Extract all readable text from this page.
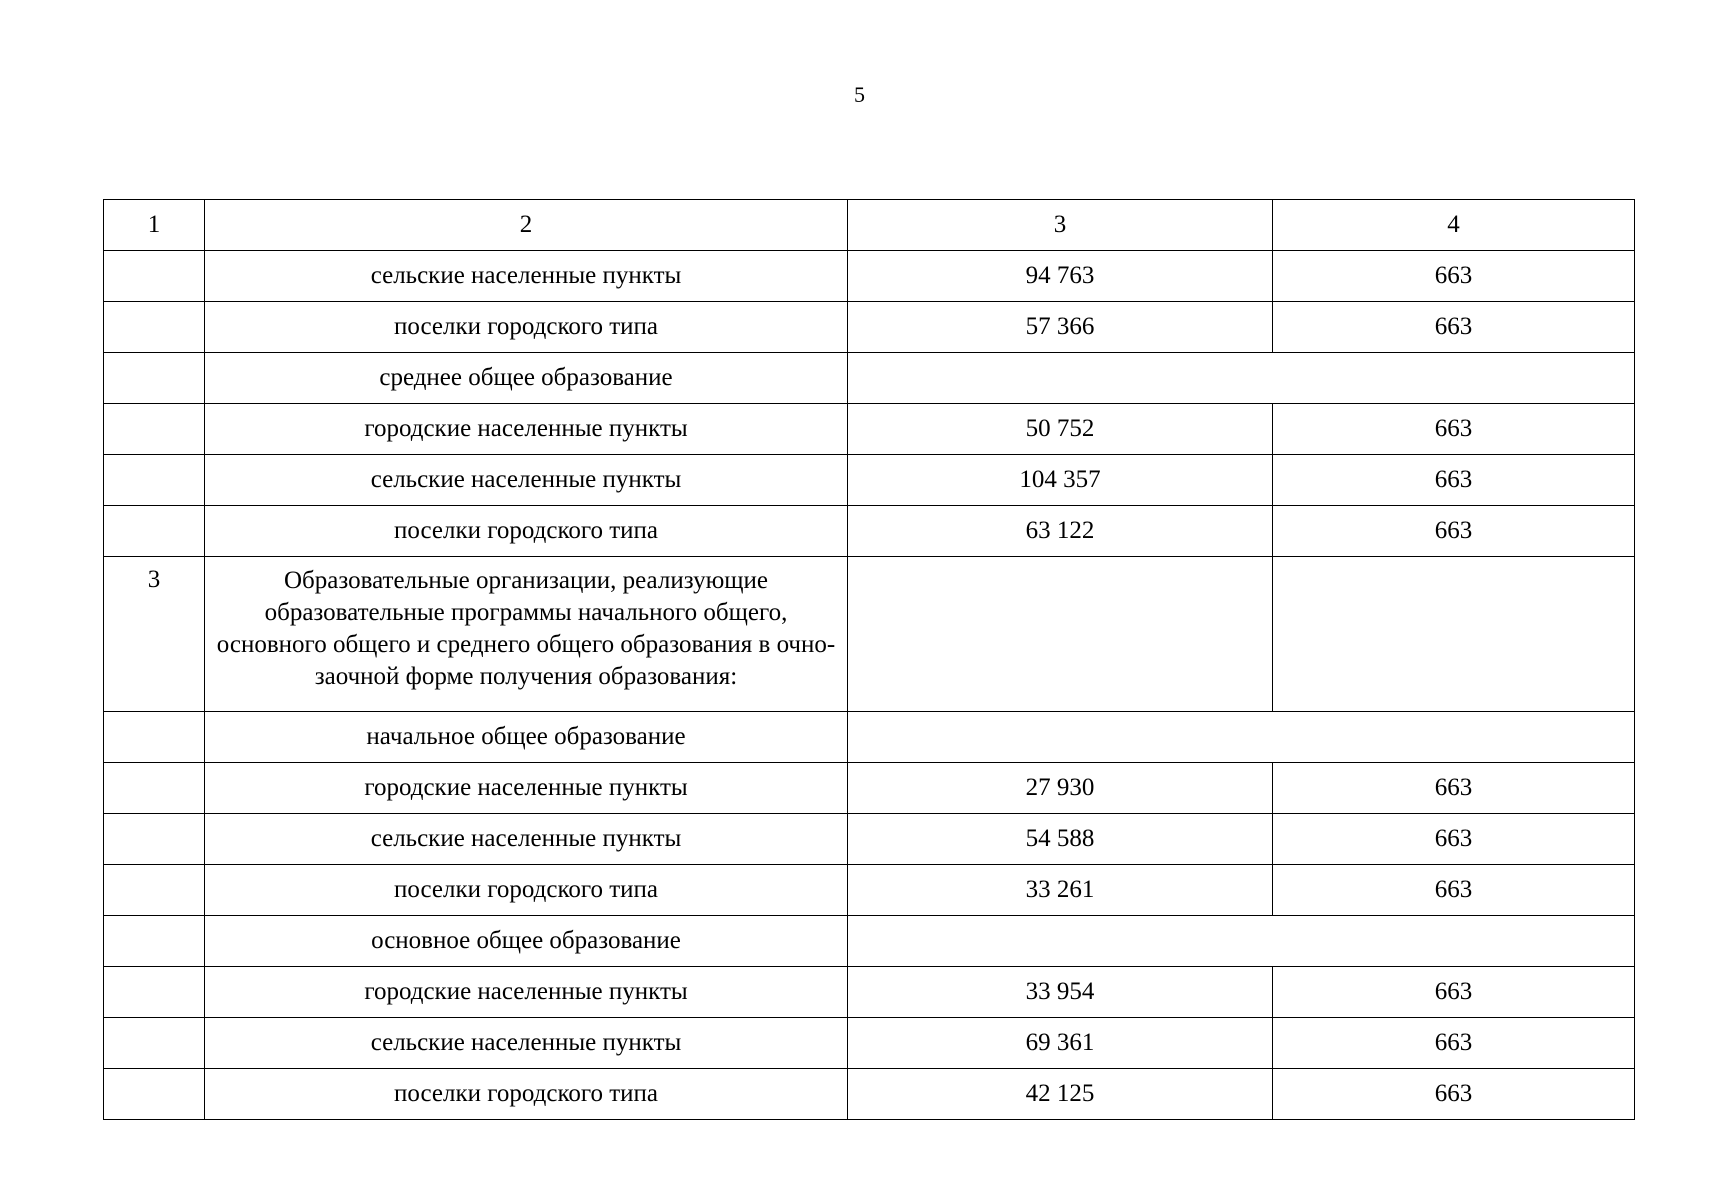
5
1	2	3	4
	сельские населенные пункты	94 763	663
	поселки городского типа	57 366	663
	среднее общее образование		
	городские населенные пункты	50 752	663
	сельские населенные пункты	104 357	663
	поселки городского типа	63 122	663
3	Образовательные организации, реализующие образовательные программы начального общего, основного общего и среднего общего образования в очно-заочной форме получения образования:		
	начальное общее образование		
	городские населенные пункты	27 930	663
	сельские населенные пункты	54 588	663
	поселки городского типа	33 261	663
	основное общее образование		
	городские населенные пункты	33 954	663
	сельские населенные пункты	69 361	663
	поселки городского типа	42 125	663
